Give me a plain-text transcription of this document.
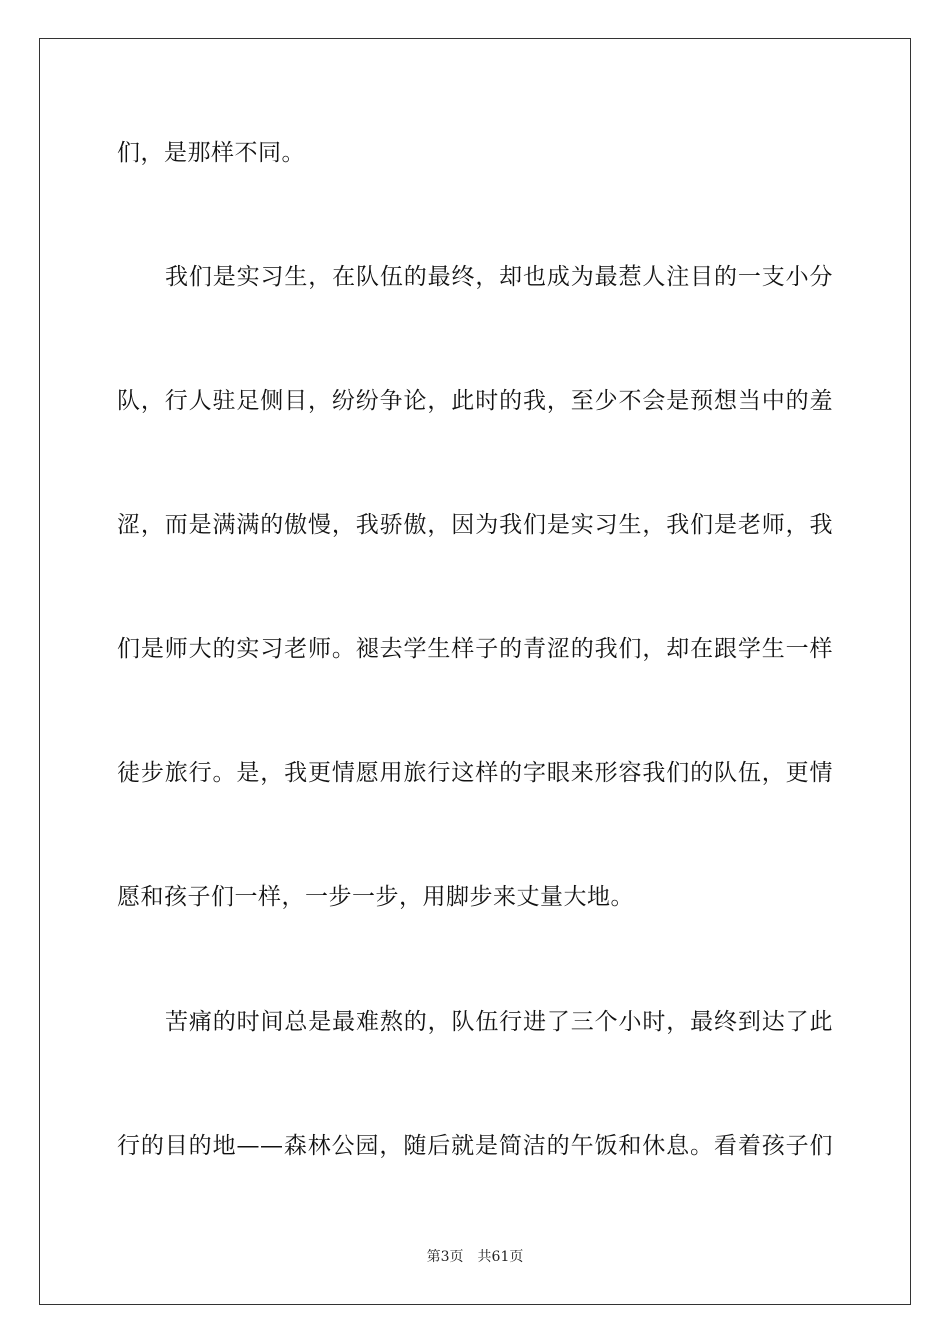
们，是那样不同。
我们是实习生，在队伍的最终，却也成为最惹人注目的一支小分
队，行人驻足侧目，纷纷争论，此时的我，至少不会是预想当中的羞
涩，而是满满的傲慢，我骄傲，因为我们是实习生，我们是老师，我
们是师大的实习老师。褪去学生样子的青涩的我们，却在跟学生一样
徒步旅行。是，我更情愿用旅行这样的字眼来形容我们的队伍，更情
愿和孩子们一样，一步一步，用脚步来丈量大地。
苦痛的时间总是最难熬的，队伍行进了三个小时，最终到达了此
行的目的地——森林公园，随后就是简洁的午饭和休息。看着孩子们
第3页 共61页
